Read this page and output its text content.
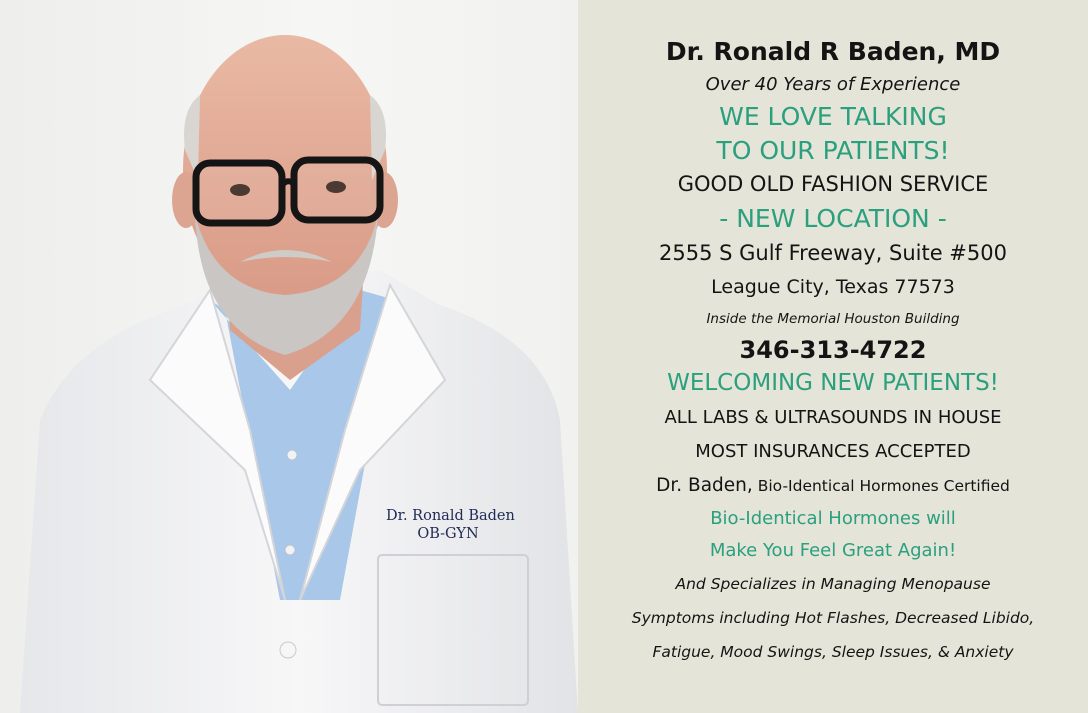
Dr. Ronald Baden
OB-GYN
Dr. Ronald R Baden, MD
Over 40 Years of Experience
WE LOVE TALKING
TO OUR PATIENTS!
GOOD OLD FASHION SERVICE
- NEW LOCATION -
2555 S Gulf Freeway, Suite #500
League City, Texas 77573
Inside the Memorial Houston Building
346-313-4722
WELCOMING NEW PATIENTS!
ALL LABS & ULTRASOUNDS IN HOUSE
MOST INSURANCES ACCEPTED
Dr. Baden, Bio-Identical Hormones Certified
Bio-Identical Hormones will
Make You Feel Great Again!
And Specializes in Managing Menopause
Symptoms including Hot Flashes, Decreased Libido,
Fatigue, Mood Swings, Sleep Issues, & Anxiety
